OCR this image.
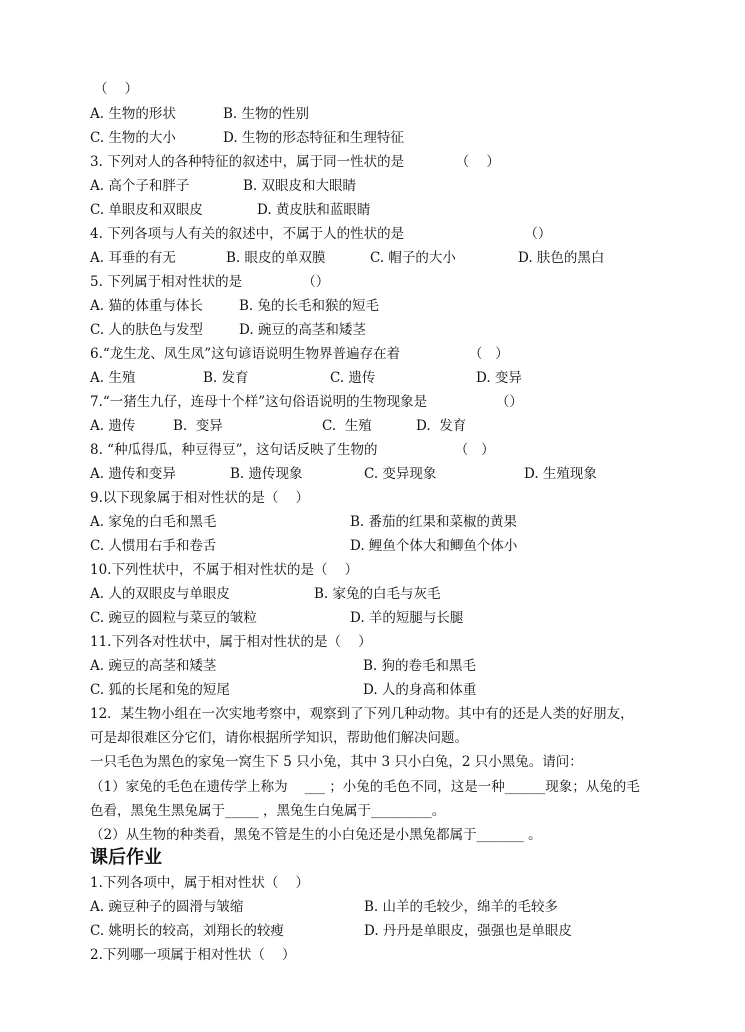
（    ）
A. 生物的形状	B. 生物的性别
C. 生物的大小	D. 生物的形态特征和生理特征
3. 下列对人的各种特征的叙述中，属于同一性状的是            （    ）
A. 高个子和胖子	B. 双眼皮和大眼睛
C. 单眼皮和双眼皮	D. 黄皮肤和蓝眼睛
4. 下列各项与人有关的叙述中，不属于人的性状的是                            （）
A. 耳垂的有无	B. 眼皮的单双膜	C. 帽子的大小	D. 肤色的黑白
5. 下列属于相对性状的是              （）
A. 猫的体重与体长	B. 兔的长毛和猴的短毛
C. 人的肤色与发型	D. 豌豆的高茎和矮茎
6.“龙生龙、凤生凤”这句谚语说明生物界普遍存在着                （   ）
A. 生殖	B. 发育	C. 遗传	D. 变异
7.“一猪生九仔，连母十个样”这句俗语说明的生物现象是                （）
A. 遗传	B.  变异	C.  生殖	D.  发育
8. “种瓜得瓜，种豆得豆”，这句话反映了生物的                  （   ）
A. 遗传和变异	B. 遗传现象	C. 变异现象	D. 生殖现象
9.以下现象属于相对性状的是（    ）
A. 家兔的白毛和黑毛	B. 番茄的红果和菜椒的黄果
C. 人惯用右手和卷舌	D. 鲤鱼个体大和鲫鱼个体小
10.下列性状中，不属于相对性状的是（    ）
A. 人的双眼皮与单眼皮	B. 家兔的白毛与灰毛
C. 豌豆的圆粒与菜豆的皱粒	D. 羊的短腿与长腿
11.下列各对性状中，属于相对性状的是（    ）
A. 豌豆的高茎和矮茎	B. 狗的卷毛和黑毛
C. 狐的长尾和兔的短尾	D. 人的身高和体重
12．某生物小组在一次实地考察中，观察到了下列几种动物。其中有的还是人类的好朋友，
可是却很难区分它们，请你根据所学知识，帮助他们解决问题。
一只毛色为黑色的家兔一窝生下 5 只小兔，其中 3 只小白兔，2 只小黑兔。请问：
（1）家兔的毛色在遗传学上称为    ___ ；小兔的毛色不同，这是一种______现象；从兔的毛
色看，黑兔生黑兔属于_____ ，黑兔生白兔属于_________。
（2）从生物的种类看，黑兔不管是生的小白兔还是小黑兔都属于_______ 。
课后作业
1.下列各项中，属于相对性状（    ）
A. 豌豆种子的圆滑与皱缩	B. 山羊的毛较少，绵羊的毛较多
C. 姚明长的较高，刘翔长的较瘦	D. 丹丹是单眼皮，强强也是单眼皮
2.下列哪一项属于相对性状（    ）
